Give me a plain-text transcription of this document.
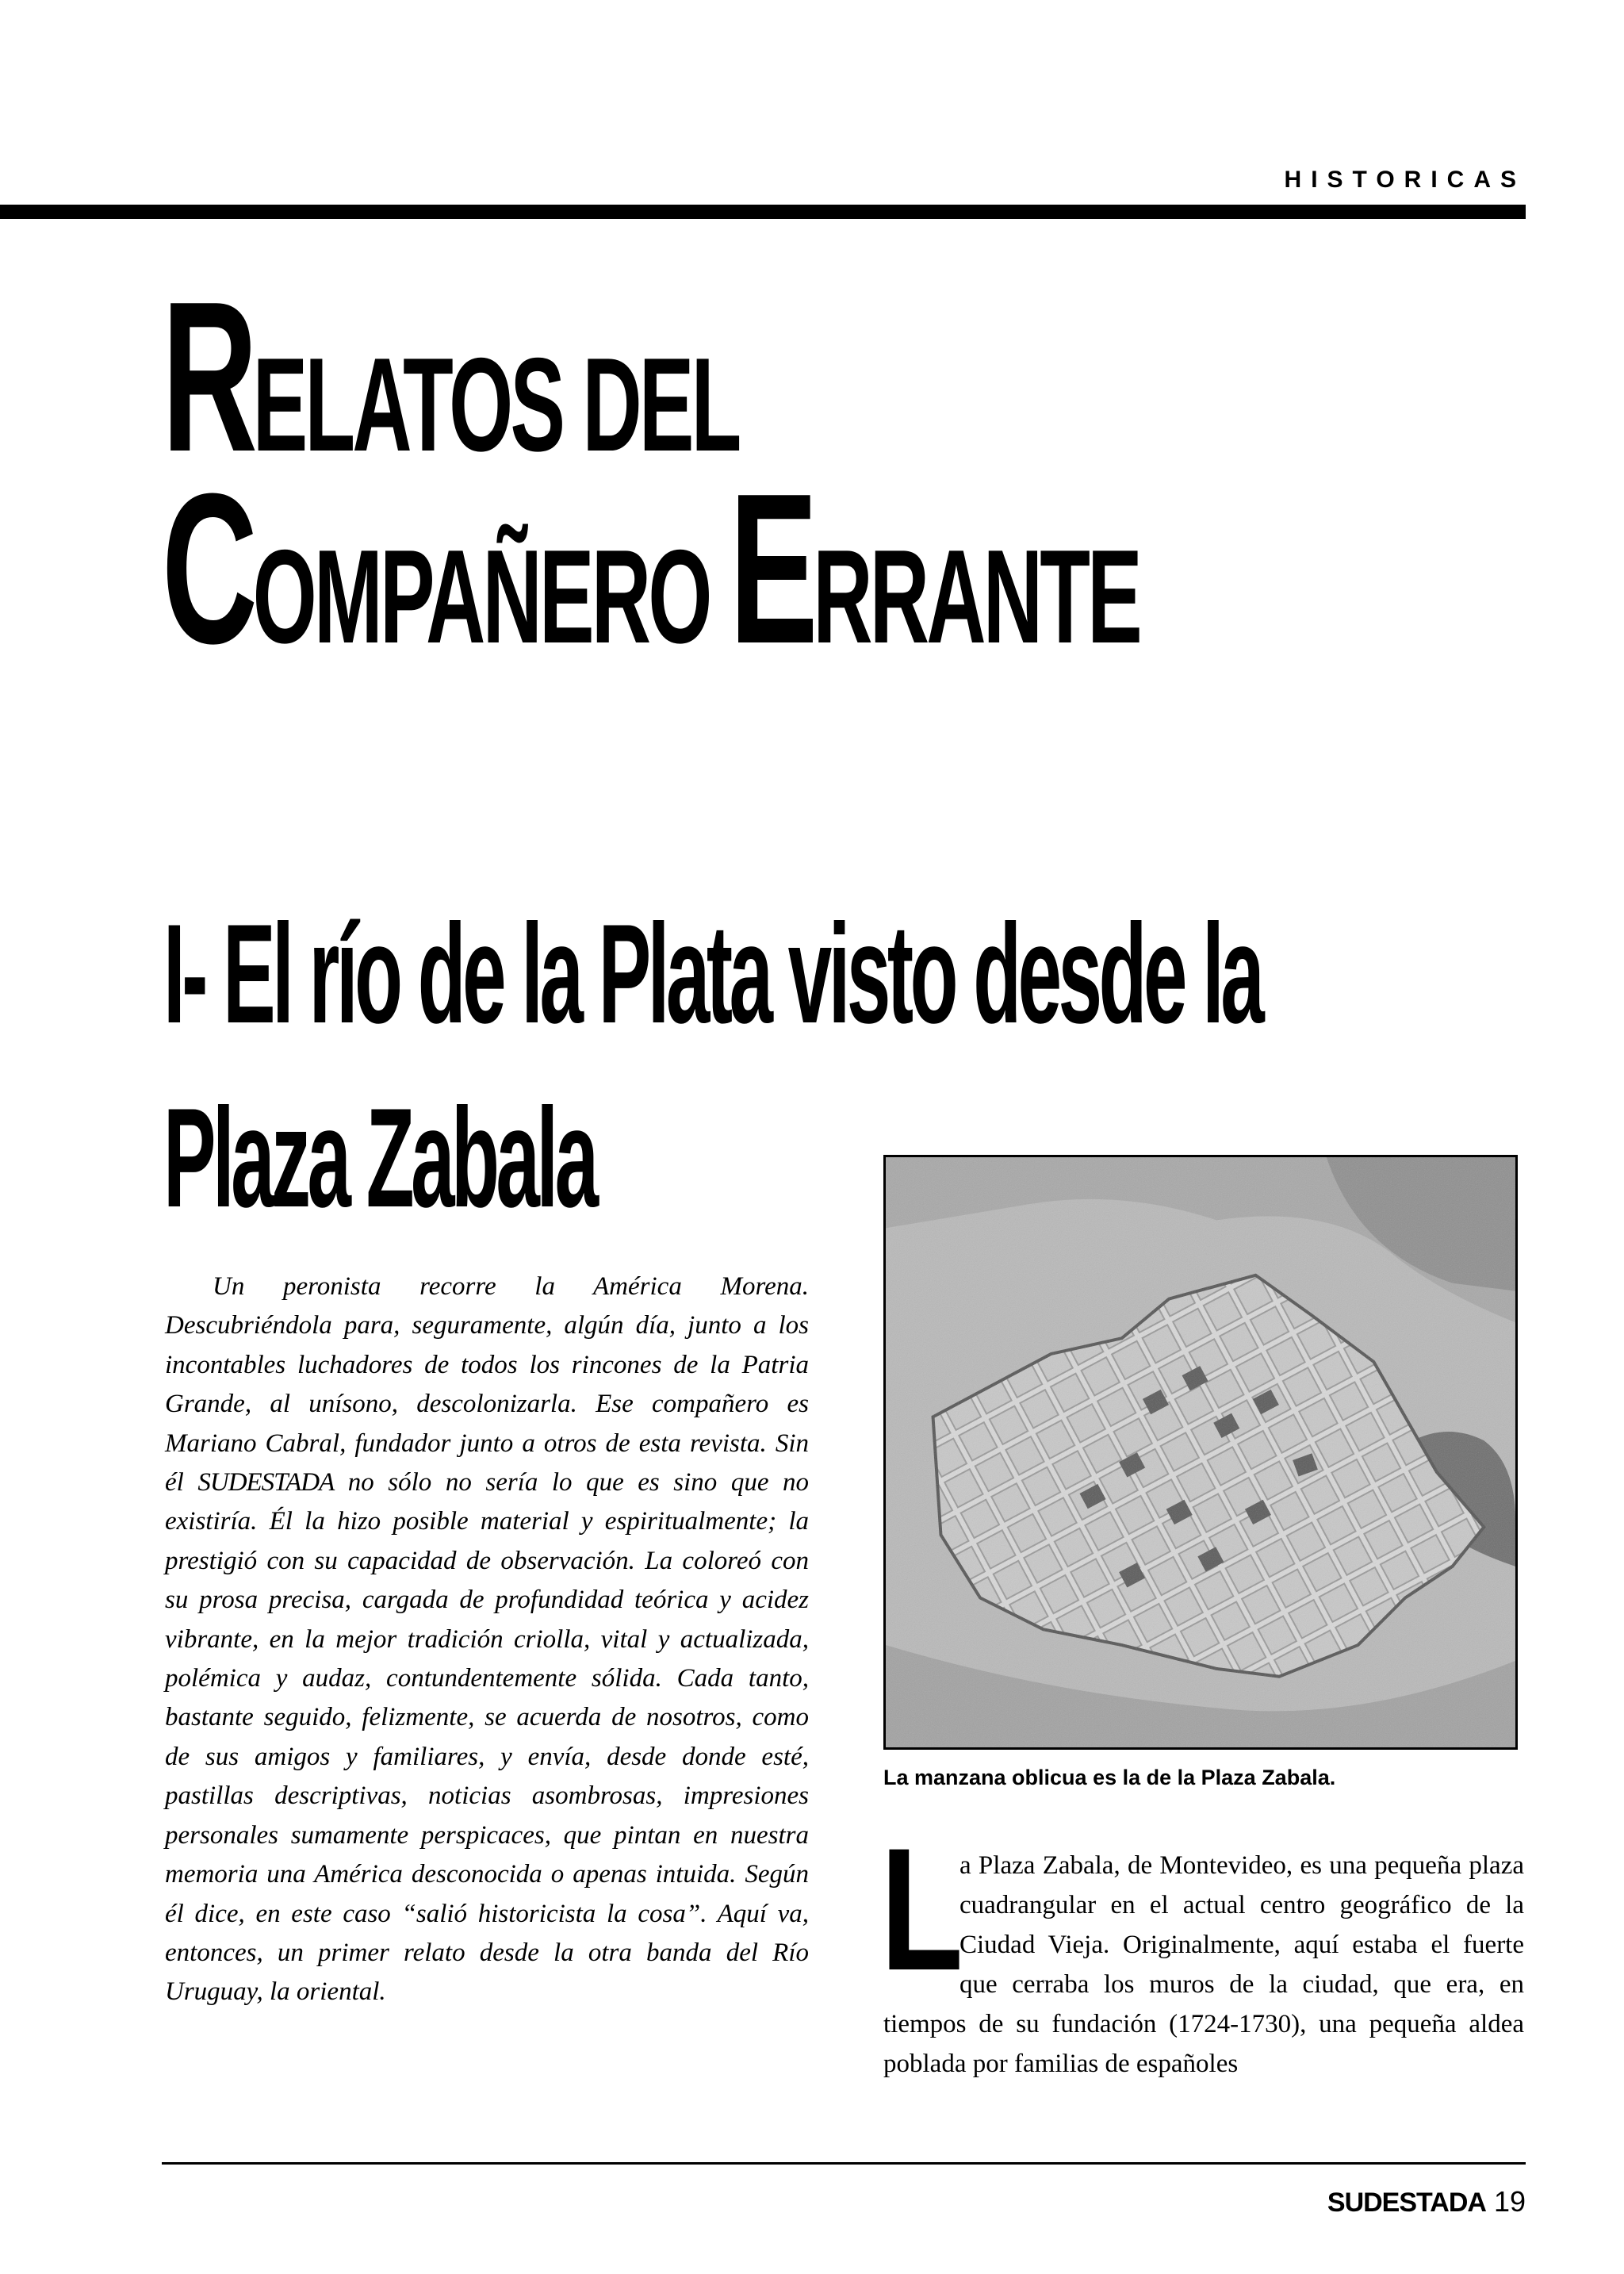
HISTORICAS
RELATOS DEL
COMPAÑERO ERRANTE
I- El río de la Plata visto desde la
Plaza Zabala

Un peronista recorre la América Morena. Descubriéndola para, seguramente, algún día, junto a los incontables luchadores de todos los rincones de la Patria Grande, al unísono, descolonizarla. Ese compañero es Mariano Cabral, fundador junto a otros de esta revista. Sin él SUDESTADA no sólo no sería lo que es sino que no existiría. Él la hizo posible material y espiritualmente; la prestigió con su capacidad de observación. La coloreó con su prosa precisa, cargada de profundidad teórica y acidez vibrante, en la mejor tradición criolla, vital y actualizada, polémica y audaz, contundentemente sólida. Cada tanto, bastante seguido, felizmente, se acuerda de nosotros, como de sus amigos y familiares, y envía, desde donde esté, pastillas descriptivas, noticias asombrosas, impresiones personales sumamente perspicaces, que pintan en nuestra memoria una América desconocida o apenas intuida. Según él dice, en este caso “salió historicista la cosa”. Aquí va, entonces, un primer relato desde la otra banda del Río Uruguay, la oriental.

La manzana oblicua es la de la Plaza Zabala.

L
a Plaza Zabala, de Montevideo, es una pequeña plaza cuadrangular en el actual centro geográfico de la Ciudad Vieja. Originalmente, aquí estaba el fuerte que cerraba los muros de la ciudad, que era, en tiempos de su fundación (1724-1730), una pequeña aldea poblada por familias de españoles

SUDESTADA 19
